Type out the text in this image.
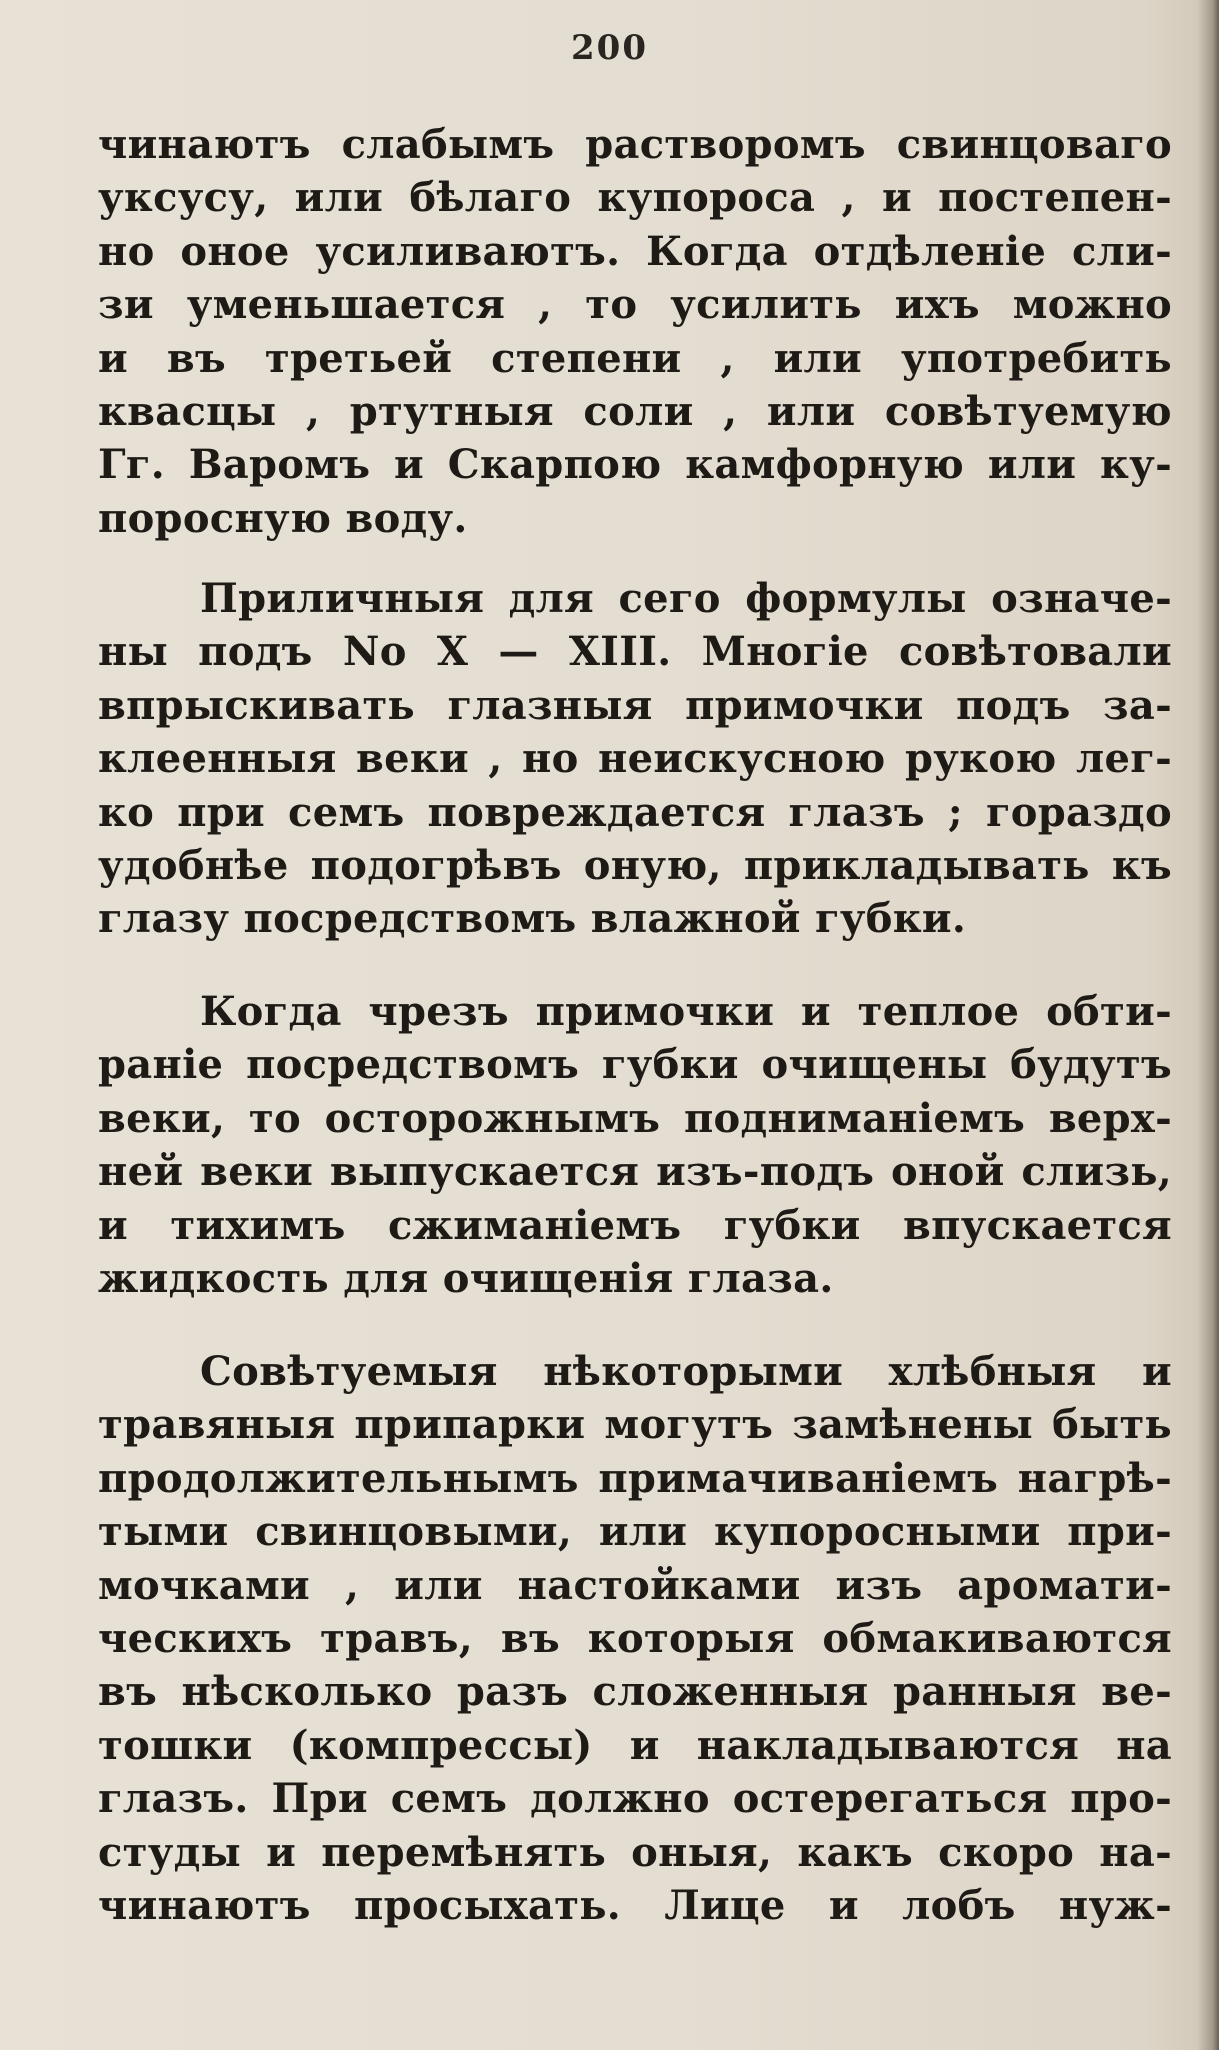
200
чинаютъ слабымъ растворомъ свинцоваго
уксусу, или бѣлаго купороса , и постепен-
но оное усиливаютъ. Когда отдѣленіе сли-
зи уменьшается , то усилить ихъ можно
и въ третьей степени , или употребить
квасцы , ртутныя соли , или совѣтуемую
Гг. Варомъ и Скарпою камфорную или ку-
поросную воду.
Приличныя для сего формулы означе-
ны подъ No X — XIII. Многіе совѣтовали
впрыскивать глазныя примочки подъ за-
клеенныя веки , но неискусною рукою лег-
ко при семъ повреждается глазъ ; гораздо
удобнѣе подогрѣвъ оную, прикладывать къ
глазу посредствомъ влажной губки.
Когда чрезъ примочки и теплое обти-
раніе посредствомъ губки очищены будутъ
веки, то осторожнымъ подниманіемъ верх-
ней веки выпускается изъ-подъ оной слизь,
и тихимъ сжиманіемъ губки впускается
жидкость для очищенія глаза.
Совѣтуемыя нѣкоторыми хлѣбныя и
травяныя припарки могутъ замѣнены быть
продолжительнымъ примачиваніемъ нагрѣ-
тыми свинцовыми, или купоросными при-
мочками , или настойками изъ аромати-
ческихъ травъ, въ которыя обмакиваются
въ нѣсколько разъ сложенныя ранныя ве-
тошки (компрессы) и накладываются на
глазъ. При семъ должно остерегаться про-
студы и перемѣнять оныя, какъ скоро на-
чинаютъ просыхать. Лице и лобъ нуж-
